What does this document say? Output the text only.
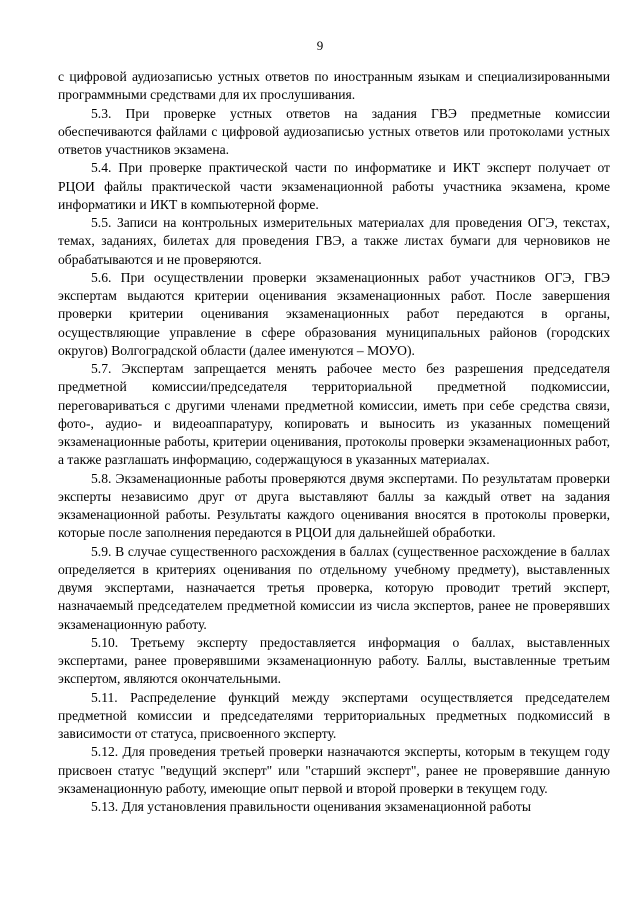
9

с цифровой аудиозаписью устных ответов по иностранным языкам и специализированными программными средствами для их прослушивания.

5.3. При проверке устных ответов на задания ГВЭ предметные комиссии обеспечиваются файлами с цифровой аудиозаписью устных ответов или протоколами устных ответов участников экзамена.

5.4. При проверке практической части по информатике и ИКТ эксперт получает от РЦОИ файлы практической части экзаменационной работы участника экзамена, кроме информатики и ИКТ в компьютерной форме.

5.5. Записи на контрольных измерительных материалах для проведения ОГЭ, текстах, темах, заданиях, билетах для проведения ГВЭ, а также листах бумаги для черновиков не обрабатываются и не проверяются.

5.6. При осуществлении проверки экзаменационных работ участников ОГЭ, ГВЭ экспертам выдаются критерии оценивания экзаменационных работ. После завершения проверки критерии оценивания экзаменационных работ передаются в органы, осуществляющие управление в сфере образования муниципальных районов (городских округов) Волгоградской области (далее именуются – МОУО).

5.7. Экспертам запрещается менять рабочее место без разрешения председателя предметной комиссии/председателя территориальной предметной подкомиссии, переговариваться с другими членами предметной комиссии, иметь при себе средства связи, фото-, аудио- и видеоаппаратуру, копировать и выносить из указанных помещений экзаменационные работы, критерии оценивания, протоколы проверки экзаменационных работ, а также разглашать информацию, содержащуюся в указанных материалах.

5.8. Экзаменационные работы проверяются двумя экспертами. По результатам проверки эксперты независимо друг от друга выставляют баллы за каждый ответ на задания экзаменационной работы. Результаты каждого оценивания вносятся в протоколы проверки, которые после заполнения передаются в РЦОИ для дальнейшей обработки.

5.9. В случае существенного расхождения в баллах (существенное расхождение в баллах определяется в критериях оценивания по отдельному учебному предмету), выставленных двумя экспертами, назначается третья проверка, которую проводит третий эксперт, назначаемый председателем предметной комиссии из числа экспертов, ранее не проверявших экзаменационную работу.

5.10. Третьему эксперту предоставляется информация о баллах, выставленных экспертами, ранее проверявшими экзаменационную работу. Баллы, выставленные третьим экспертом, являются окончательными.

5.11. Распределение функций между экспертами осуществляется председателем предметной комиссии и председателями территориальных предметных подкомиссий в зависимости от статуса, присвоенного эксперту.

5.12. Для проведения третьей проверки назначаются эксперты, которым в текущем году присвоен статус "ведущий эксперт" или "старший эксперт", ранее не проверявшие данную экзаменационную работу, имеющие опыт первой и второй проверки в текущем году.

5.13. Для установления правильности оценивания экзаменационной работы
